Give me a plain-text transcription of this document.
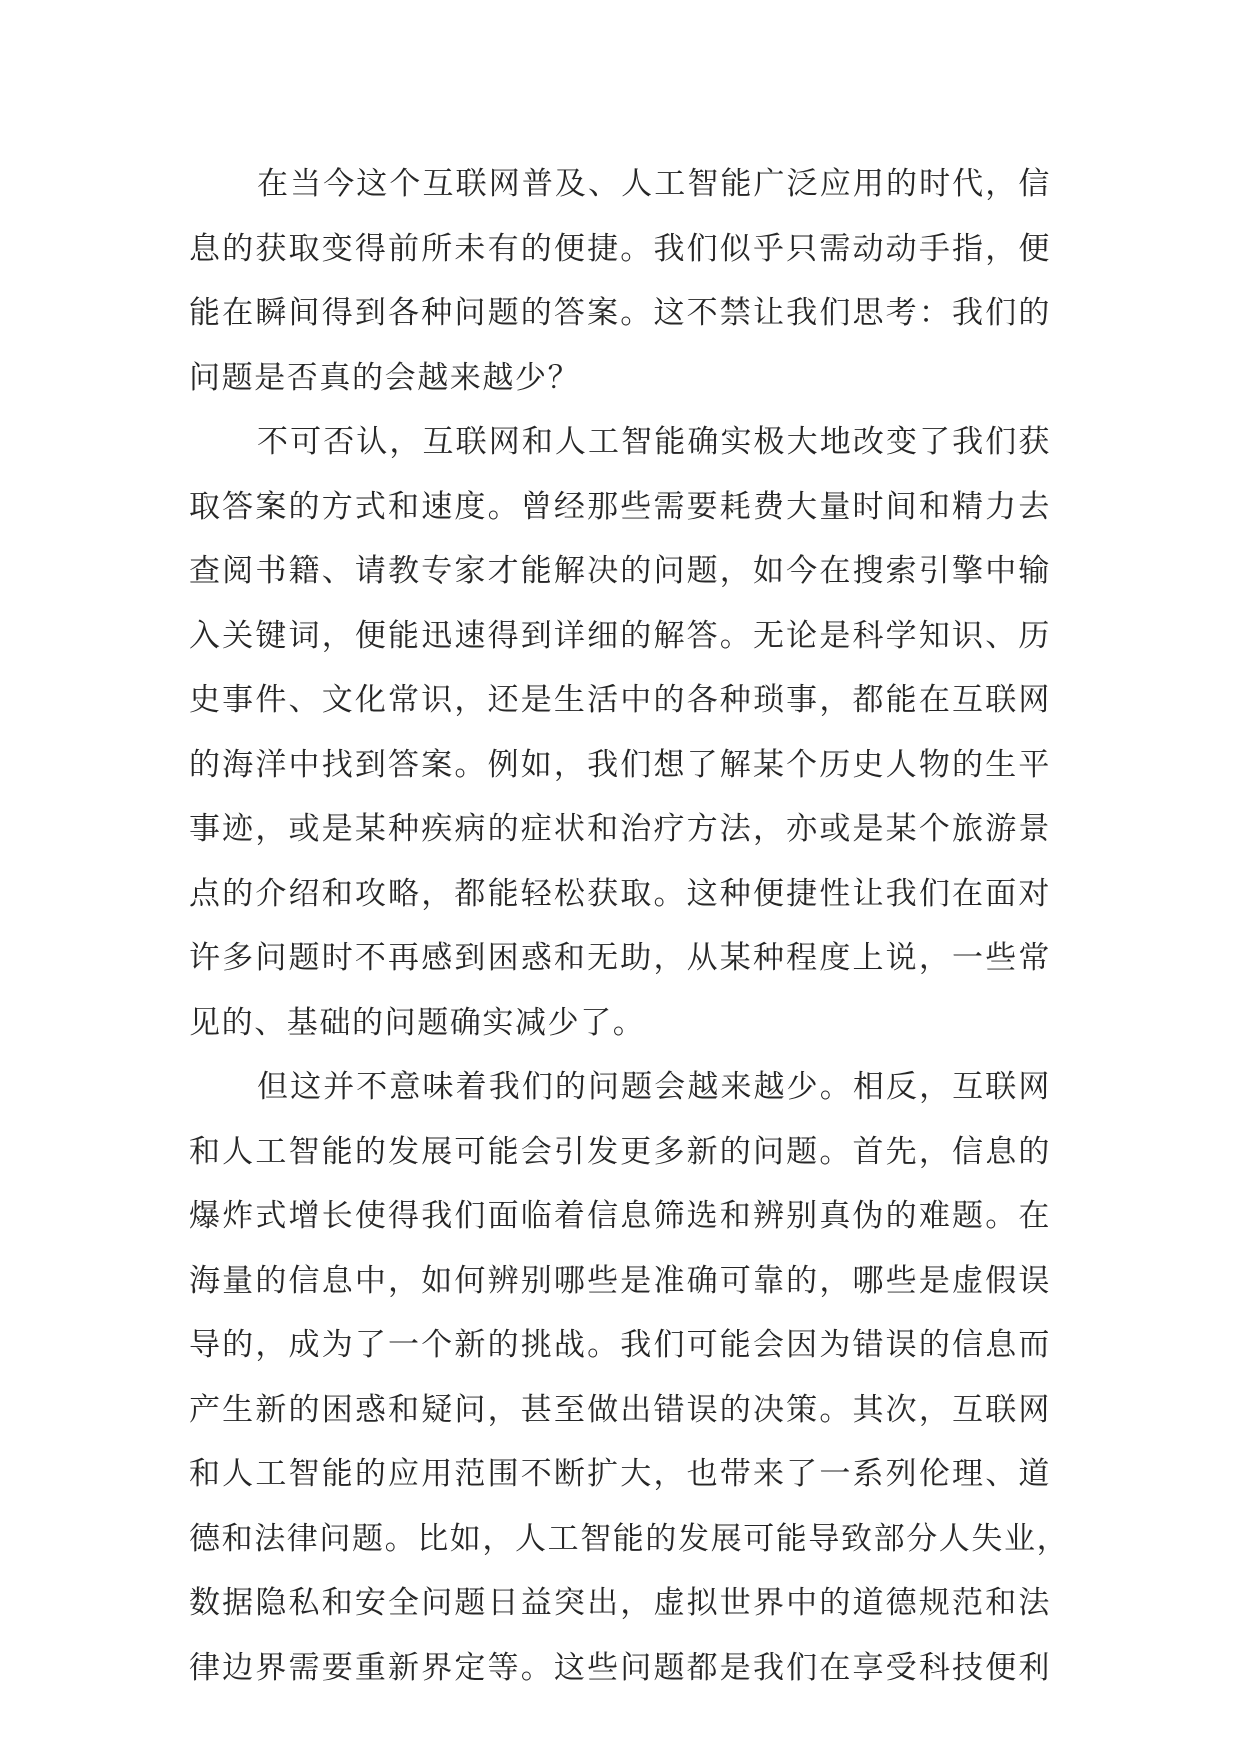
在当今这个互联网普及、人工智能广泛应用的时代，信
息的获取变得前所未有的便捷。我们似乎只需动动手指，便
能在瞬间得到各种问题的答案。这不禁让我们思考：我们的
问题是否真的会越来越少？
不可否认，互联网和人工智能确实极大地改变了我们获
取答案的方式和速度。曾经那些需要耗费大量时间和精力去
查阅书籍、请教专家才能解决的问题，如今在搜索引擎中输
入关键词，便能迅速得到详细的解答。无论是科学知识、历
史事件、文化常识，还是生活中的各种琐事，都能在互联网
的海洋中找到答案。例如，我们想了解某个历史人物的生平
事迹，或是某种疾病的症状和治疗方法，亦或是某个旅游景
点的介绍和攻略，都能轻松获取。这种便捷性让我们在面对
许多问题时不再感到困惑和无助，从某种程度上说，一些常
见的、基础的问题确实减少了。
但这并不意味着我们的问题会越来越少。相反，互联网
和人工智能的发展可能会引发更多新的问题。首先，信息的
爆炸式增长使得我们面临着信息筛选和辨别真伪的难题。在
海量的信息中，如何辨别哪些是准确可靠的，哪些是虚假误
导的，成为了一个新的挑战。我们可能会因为错误的信息而
产生新的困惑和疑问，甚至做出错误的决策。其次，互联网
和人工智能的应用范围不断扩大，也带来了一系列伦理、道
德和法律问题。比如，人工智能的发展可能导致部分人失业，
数据隐私和安全问题日益突出，虚拟世界中的道德规范和法
律边界需要重新界定等。这些问题都是我们在享受科技便利
